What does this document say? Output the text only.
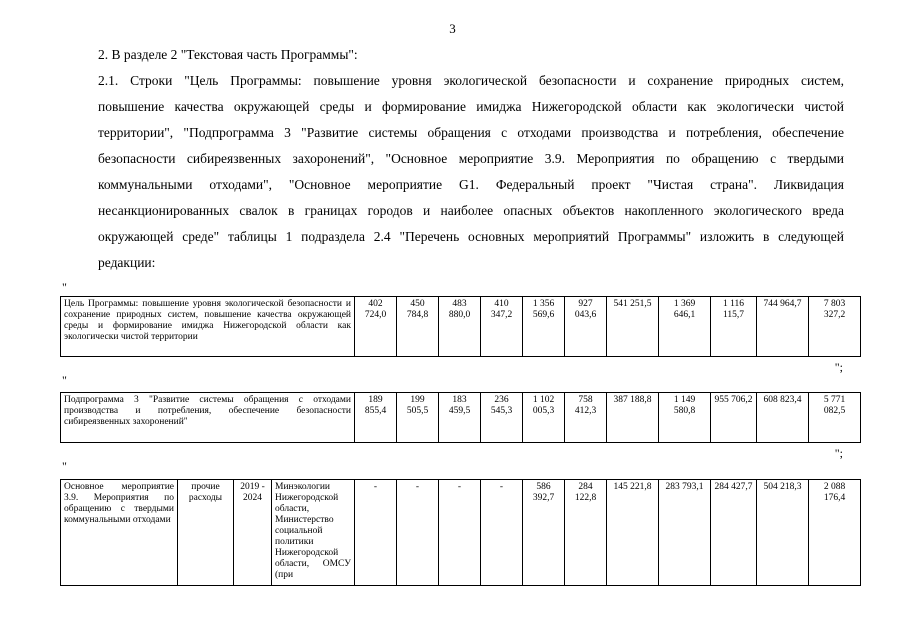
3
2. В разделе 2 "Текстовая часть Программы":
2.1. Строки "Цель Программы: повышение уровня экологической безопасности и сохранение природных систем,
повышение качества окружающей среды и формирование имиджа Нижегородской области как экологически чистой
территории", "Подпрограмма 3 "Развитие системы обращения с отходами производства и потребления, обеспечение
безопасности сибиреязвенных захоронений", "Основное мероприятие 3.9. Мероприятия по обращению с твердыми
коммунальными отходами", "Основное мероприятие G1. Федеральный проект "Чистая страна". Ликвидация
несанкционированных свалок в границах городов и наиболее опасных объектов накопленного экологического вреда
окружающей среде" таблицы 1 подраздела 2.4 "Перечень основных мероприятий Программы" изложить в следующей
редакции:
"
Цель Программы: повышение уровня экологической безопасности и сохранение природных систем, повышение качества окружающей среды и формирование имиджа Нижегородской области как экологически чистой территории	402 724,0	450 784,8	483 880,0	410 347,2	1 356 569,6	927 043,6	541 251,5	1 369 646,1	1 116 115,7	744 964,7	7 803 327,2
";
"
Подпрограмма 3 "Развитие системы обращения с отходами производства и потребления, обеспечение безопасности сибиреязвенных захоронений"	189 855,4	199 505,5	183 459,5	236 545,3	1 102 005,3	758 412,3	387 188,8	1 149 580,8	955 706,2	608 823,4	5 771 082,5
";
"
Основное мероприятие 3.9. Мероприятия по обращению с твердыми коммунальными отходами	прочие расходы	2019 - 2024	Минэкологии Нижегородской области, Министерство социальной политики Нижегородской области, ОМСУ (при	-	-	-	-	586 392,7	284 122,8	145 221,8	283 793,1	284 427,7	504 218,3	2 088 176,4
